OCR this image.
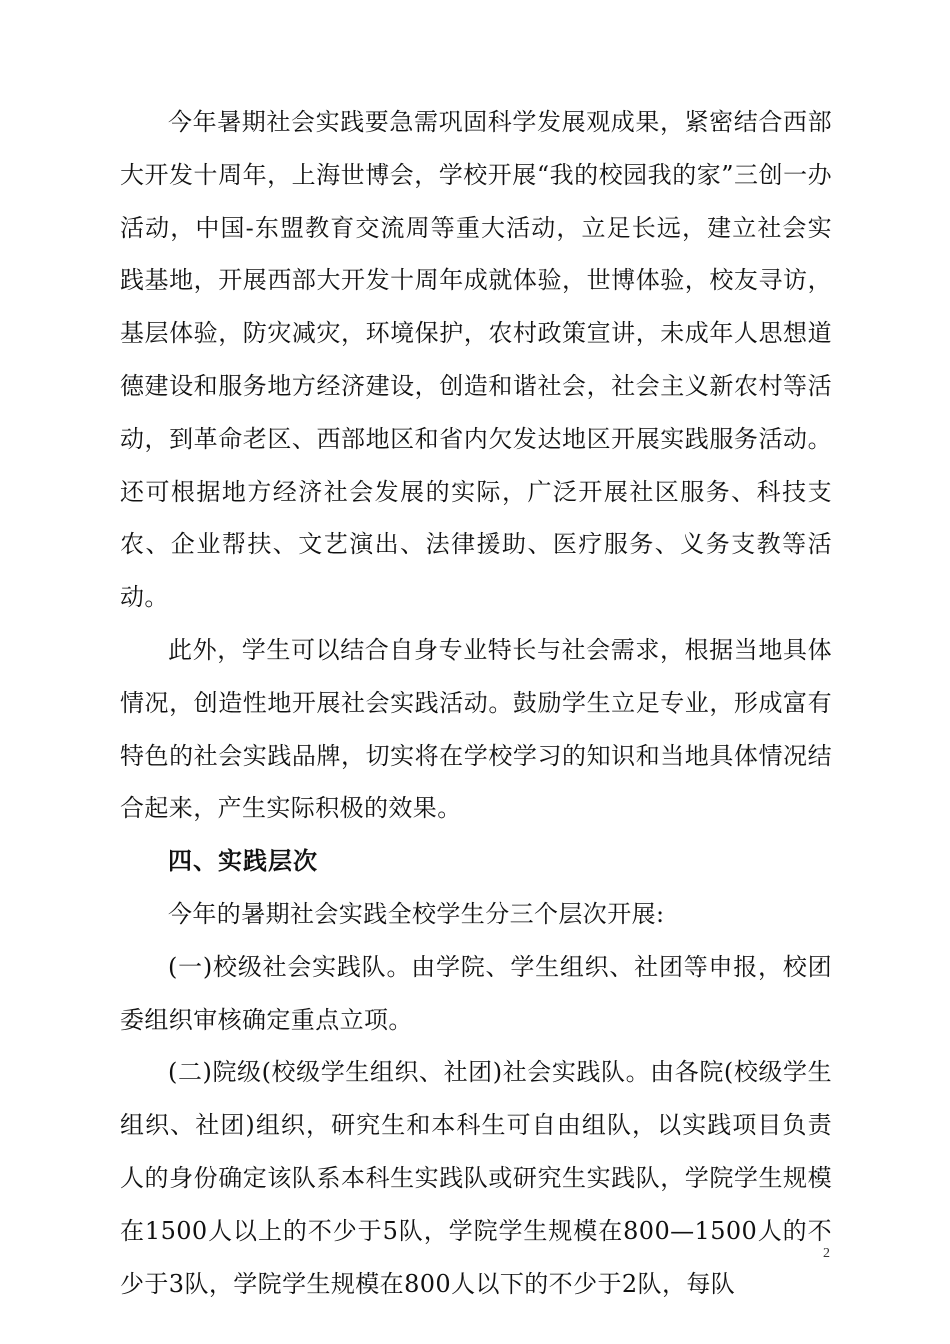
今年暑期社会实践要急需巩固科学发展观成果，紧密结合西部大开发十周年，上海世博会，学校开展“我的校园我的家”三创一办活动，中国-东盟教育交流周等重大活动，立足长远，建立社会实践基地，开展西部大开发十周年成就体验，世博体验，校友寻访，基层体验，防灾减灾，环境保护，农村政策宣讲，未成年人思想道德建设和服务地方经济建设，创造和谐社会，社会主义新农村等活动，到革命老区、西部地区和省内欠发达地区开展实践服务活动。还可根据地方经济社会发展的实际，广泛开展社区服务、科技支农、企业帮扶、文艺演出、法律援助、医疗服务、义务支教等活动。

此外，学生可以结合自身专业特长与社会需求，根据当地具体情况，创造性地开展社会实践活动。鼓励学生立足专业，形成富有特色的社会实践品牌，切实将在学校学习的知识和当地具体情况结合起来，产生实际积极的效果。

四、实践层次

今年的暑期社会实践全校学生分三个层次开展:

(一)校级社会实践队。由学院、学生组织、社团等申报，校团委组织审核确定重点立项。

(二)院级(校级学生组织、社团)社会实践队。由各院(校级学生组织、社团)组织，研究生和本科生可自由组队，以实践项目负责人的身份确定该队系本科生实践队或研究生实践队，学院学生规模在1500人以上的不少于5队，学院学生规模在800—1500人的不少于3队，学院学生规模在800人以下的不少于2队，每队

2
